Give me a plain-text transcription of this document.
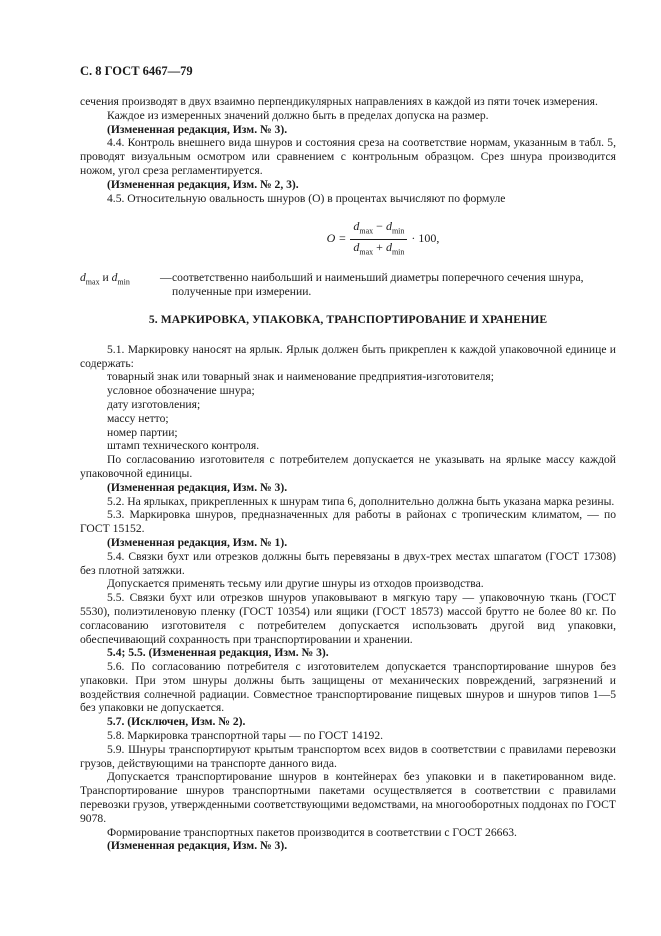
С. 8 ГОСТ 6467—79

сечения производят в двух взаимно перпендикулярных направлениях в каждой из пяти точек измерения.

Каждое из измеренных значений должно быть в пределах допуска на размер.

(Измененная редакция, Изм. № 3).

4.4. Контроль внешнего вида шнуров и состояния среза на соответствие нормам, указанным в табл. 5, проводят визуальным осмотром или сравнением с контрольным образцом. Срез шнура производится ножом, угол среза регламентируется.

(Измененная редакция, Изм. № 2, 3).

4.5. Относительную овальность шнуров (О) в процентах вычисляют по формуле

$O = \frac{d_{max} - d_{min}}{d_{max} + d_{min}} \cdot 100$,
$d_{max}$ и $d_{min}$	— соответственно наибольший и наименьший диаметры поперечного сечения шнура,
полученные при измерении.
5. МАРКИРОВКА, УПАКОВКА, ТРАНСПОРТИРОВАНИЕ И ХРАНЕНИЕ

5.1. Маркировку наносят на ярлык. Ярлык должен быть прикреплен к каждой упаковочной единице и содержать:

товарный знак или товарный знак и наименование предприятия-изготовителя;

условное обозначение шнура;

дату изготовления;

массу нетто;

номер партии;

штамп технического контроля.

По согласованию изготовителя с потребителем допускается не указывать на ярлыке массу каждой упаковочной единицы.

(Измененная редакция, Изм. № 3).

5.2. На ярлыках, прикрепленных к шнурам типа 6, дополнительно должна быть указана марка резины.

5.3. Маркировка шнуров, предназначенных для работы в районах с тропическим климатом, — по ГОСТ 15152.

(Измененная редакция, Изм. № 1).

5.4. Связки бухт или отрезков должны быть перевязаны в двух-трех местах шпагатом (ГОСТ 17308) без плотной затяжки.

Допускается применять тесьму или другие шнуры из отходов производства.

5.5. Связки бухт или отрезков шнуров упаковывают в мягкую тару — упаковочную ткань (ГОСТ 5530), полиэтиленовую пленку (ГОСТ 10354) или ящики (ГОСТ 18573) массой брутто не более 80 кг. По согласованию изготовителя с потребителем допускается использовать другой вид упаковки, обеспечивающий сохранность при транспортировании и хранении.

5.4; 5.5. (Измененная редакция, Изм. № 3).

5.6. По согласованию потребителя с изготовителем допускается транспортирование шнуров без упаковки. При этом шнуры должны быть защищены от механических повреждений, загрязнений и воздействия солнечной радиации. Совместное транспортирование пищевых шнуров и шнуров типов 1—5 без упаковки не допускается.

5.7. (Исключен, Изм. № 2).

5.8. Маркировка транспортной тары — по ГОСТ 14192.

5.9. Шнуры транспортируют крытым транспортом всех видов в соответствии с правилами перевозки грузов, действующими на транспорте данного вида.

Допускается транспортирование шнуров в контейнерах без упаковки и в пакетированном виде. Транспортирование шнуров транспортными пакетами осуществляется в соответствии с правилами перевозки грузов, утвержденными соответствующими ведомствами, на многооборотных поддонах по ГОСТ 9078.

Формирование транспортных пакетов производится в соответствии с ГОСТ 26663.

(Измененная редакция, Изм. № 3).
